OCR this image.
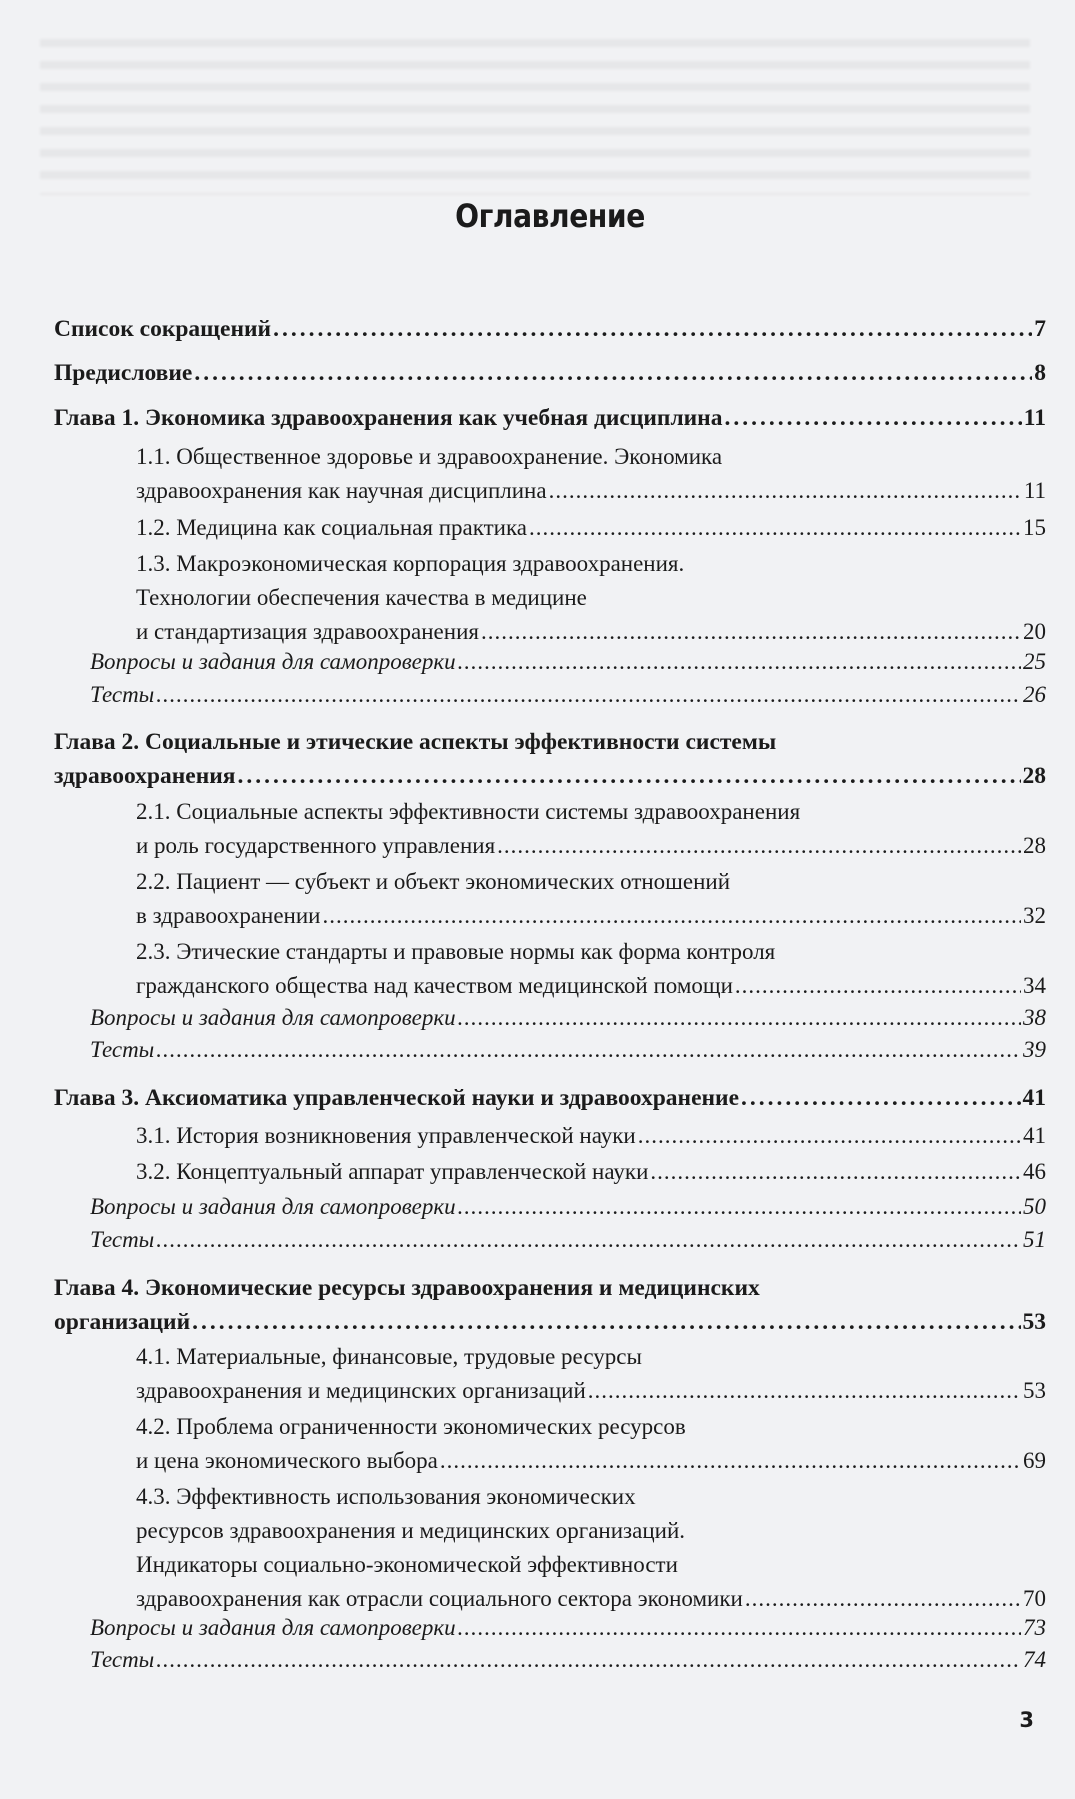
Оглавление
Список сокращений .....	7
Предисловие .....	8
Глава 1. Экономика здравоохранения как учебная дисциплина .....	11
1.1. Общественное здоровье и здравоохранение. Экономика
здравоохранения как научная дисциплина .....	11
1.2. Медицина как социальная практика .....	15
1.3. Макроэкономическая корпорация здравоохранения.
Технологии обеспечения качества в медицине
и стандартизация здравоохранения .....	20
Вопросы и задания для самопроверки .....	25
Тесты .....	26
Глава 2. Социальные и этические аспекты эффективности системы
здравоохранения .....	28
2.1. Социальные аспекты эффективности системы здравоохранения
и роль государственного управления .....	28
2.2. Пациент — субъект и объект экономических отношений
в здравоохранении .....	32
2.3. Этические стандарты и правовые нормы как форма контроля
гражданского общества над качеством медицинской помощи .....	34
Вопросы и задания для самопроверки .....	38
Тесты .....	39
Глава 3. Аксиоматика управленческой науки и здравоохранение .....	41
3.1. История возникновения управленческой науки .....	41
3.2. Концептуальный аппарат управленческой науки .....	46
Вопросы и задания для самопроверки .....	50
Тесты .....	51
Глава 4. Экономические ресурсы здравоохранения и медицинских
организаций .....	53
4.1. Материальные, финансовые, трудовые ресурсы
здравоохранения и медицинских организаций .....	53
4.2. Проблема ограниченности экономических ресурсов
и цена экономического выбора .....	69
4.3. Эффективность использования экономических
ресурсов здравоохранения и медицинских организаций.
Индикаторы социально-экономической эффективности
здравоохранения как отрасли социального сектора экономики .....	70
Вопросы и задания для самопроверки .....	73
Тесты .....	74
3
